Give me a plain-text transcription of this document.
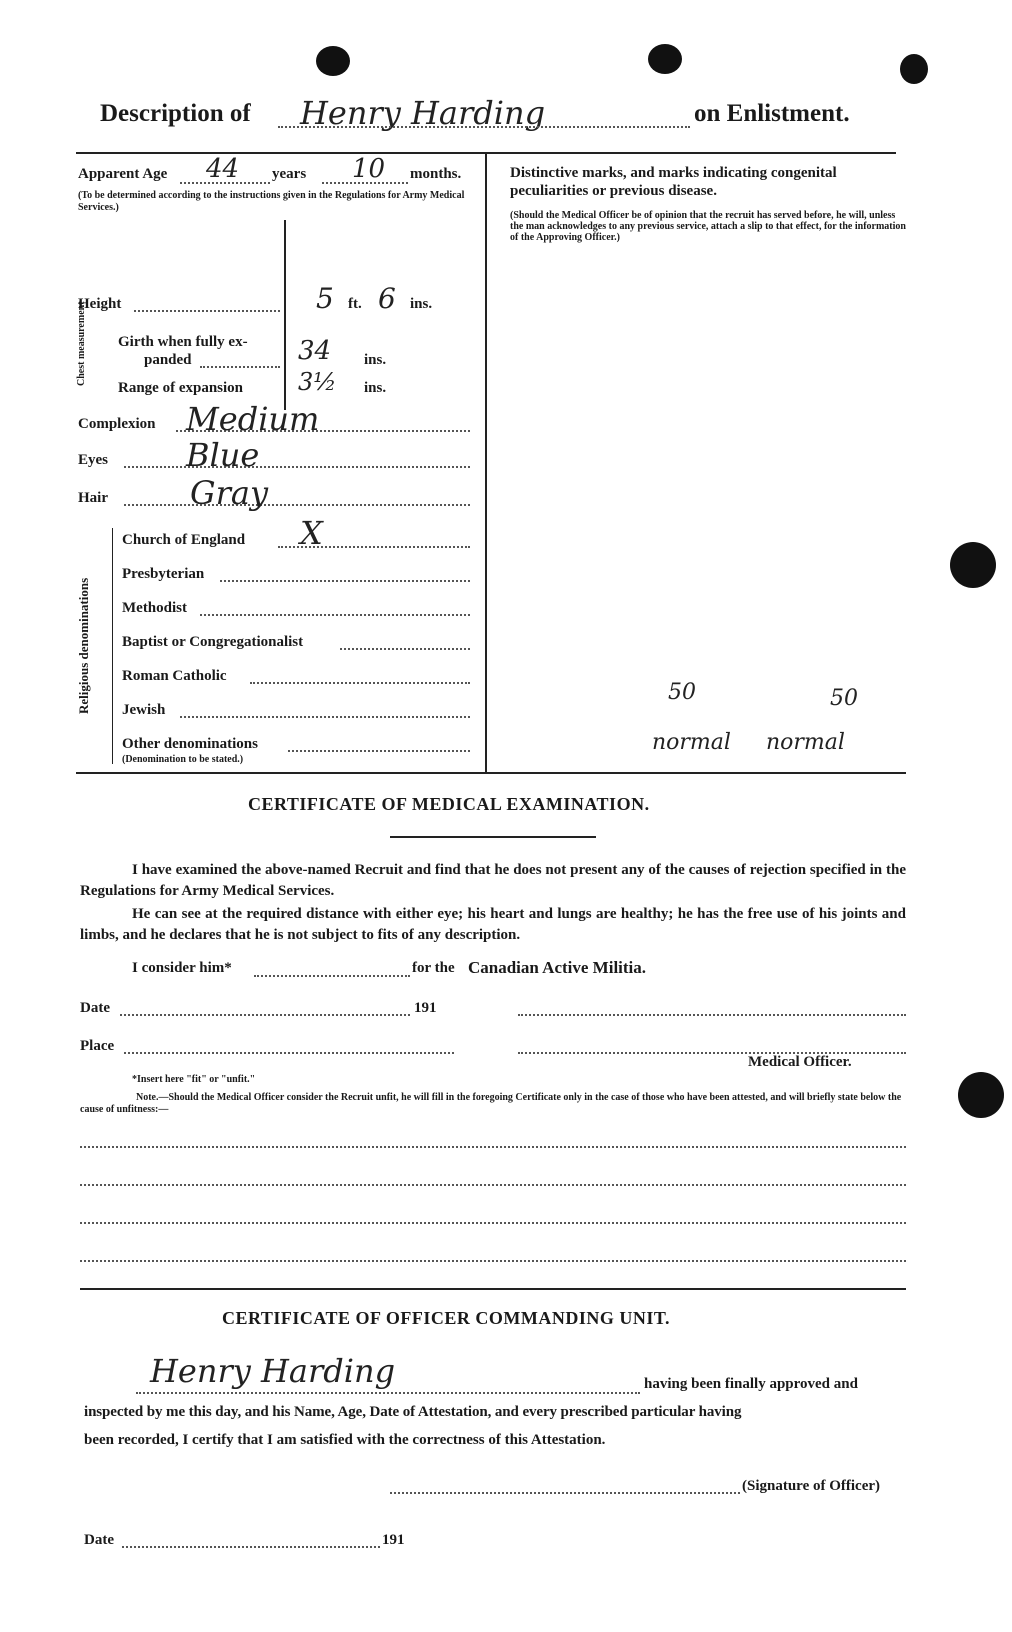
Description of Henry Harding	on Enlistment.
Apparent Age 44 years 10 months.
(To be determined according to the instructions given in the Regulations for Army Medical Services.)
Height	5 ft. 6 ins.
Chest measurement Girth when fully ex-
panded	34 ins.
Range of expansion 3½ ins.
Complexion Medium
Eyes Blue
Hair	Gray
Religious denominations
Church of England X
Presbyterian
Methodist
Baptist or Congregationalist
Roman Catholic
Jewish
Other denominations
(Denomination to be stated.)
Distinctive marks, and marks indicating congenital peculiarities or previous disease.
(Should the Medical Officer be of opinion that the recruit has served before, he will, unless the man acknowledges to any previous service, attach a slip to that effect, for the information of the Approving Officer.)
50	50
normal normal
CERTIFICATE OF MEDICAL EXAMINATION.
I have examined the above-named Recruit and find that he does not present any of the causes of rejection specified in the Regulations for Army Medical Services.
He can see at the required distance with either eye; his heart and lungs are healthy; he has the free use of his joints and limbs, and he declares that he is not subject to fits of any description.
I consider him*	for the Canadian Active Militia.
Date	191
Place
Medical Officer.
*Insert here "fit" or "unfit."
Note.—Should the Medical Officer consider the Recruit unfit, he will fill in the foregoing Certificate only in the case of those who have been attested, and will briefly state below the cause of unfitness:—
CERTIFICATE OF OFFICER COMMANDING UNIT.
Henry Harding	having been finally approved and
inspected by me this day, and his Name, Age, Date of Attestation, and every prescribed particular having
been recorded, I certify that I am satisfied with the correctness of this Attestation.
(Signature of Officer)
Date	191
